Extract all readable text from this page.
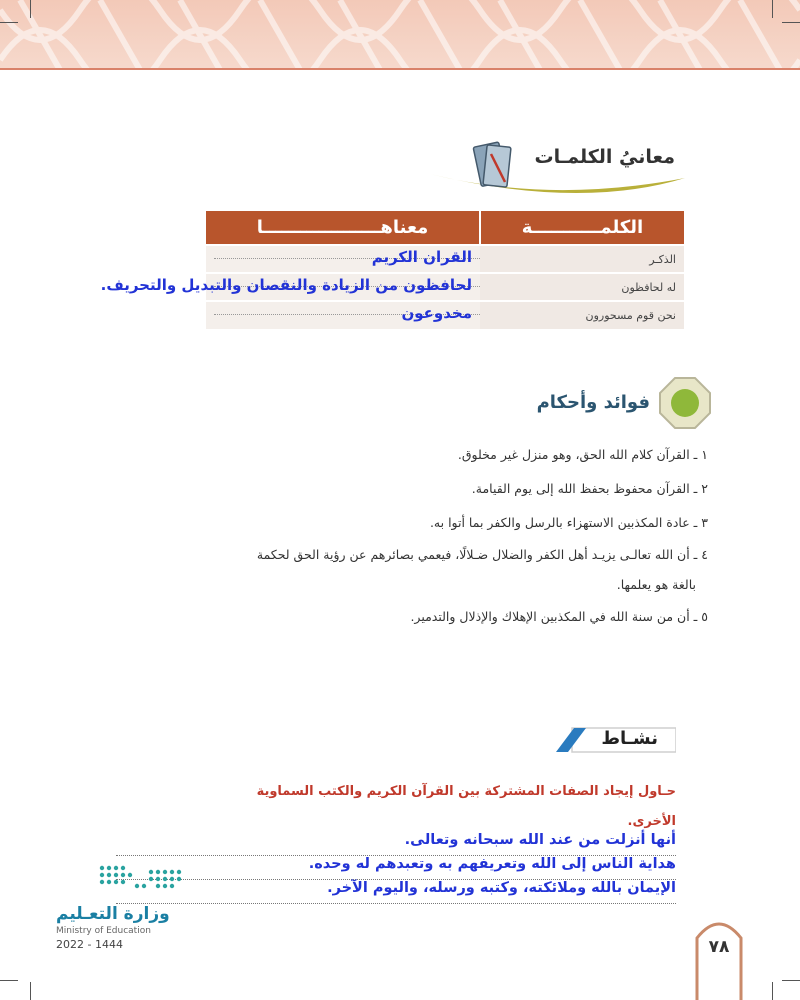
معانيُ الكلمـات
الكلمـــــــــــة	معناهـــــــــــــــــــا
الذكـر	القران الكريم

له لحافظون	لحافظون من الزيادة والنقصان والتبديل والتحريف.

نحن قوم مسحورون	مخدوعون
فوائد وأحكام
١ ـ القرآن كلام الله الحق، وهو منزل غير مخلوق.
٢ ـ القرآن محفوظ بحفظ الله إلى يوم القيامة.
٣ ـ عادة المكذبين الاستهزاء بالرسل والكفر بما أتوا به.
٤ ـ أن الله تعالـى يزيـد أهل الكفر والضلال ضـلالًا، فيعمي بصائرهم عن رؤية الحق لحكمة
بالغة هو يعلمها.
٥ ـ أن من سنة الله في المكذبين الإهلاك والإذلال والتدمير.
نشـاط
حـاول إيجاد الصفات المشتركة بين القرآن الكريم والكتب السماوية
الأخرى.
أنها أنزلت من عند الله سبحانه وتعالى.
هداية الناس إلى الله وتعريفهم به وتعبدهم له وحده.
الإيمان بالله وملائكته، وكتبه ورسله، واليوم الآخر.
وزارة التعـليم
Ministry of Education
2022 - 1444	٧٨
